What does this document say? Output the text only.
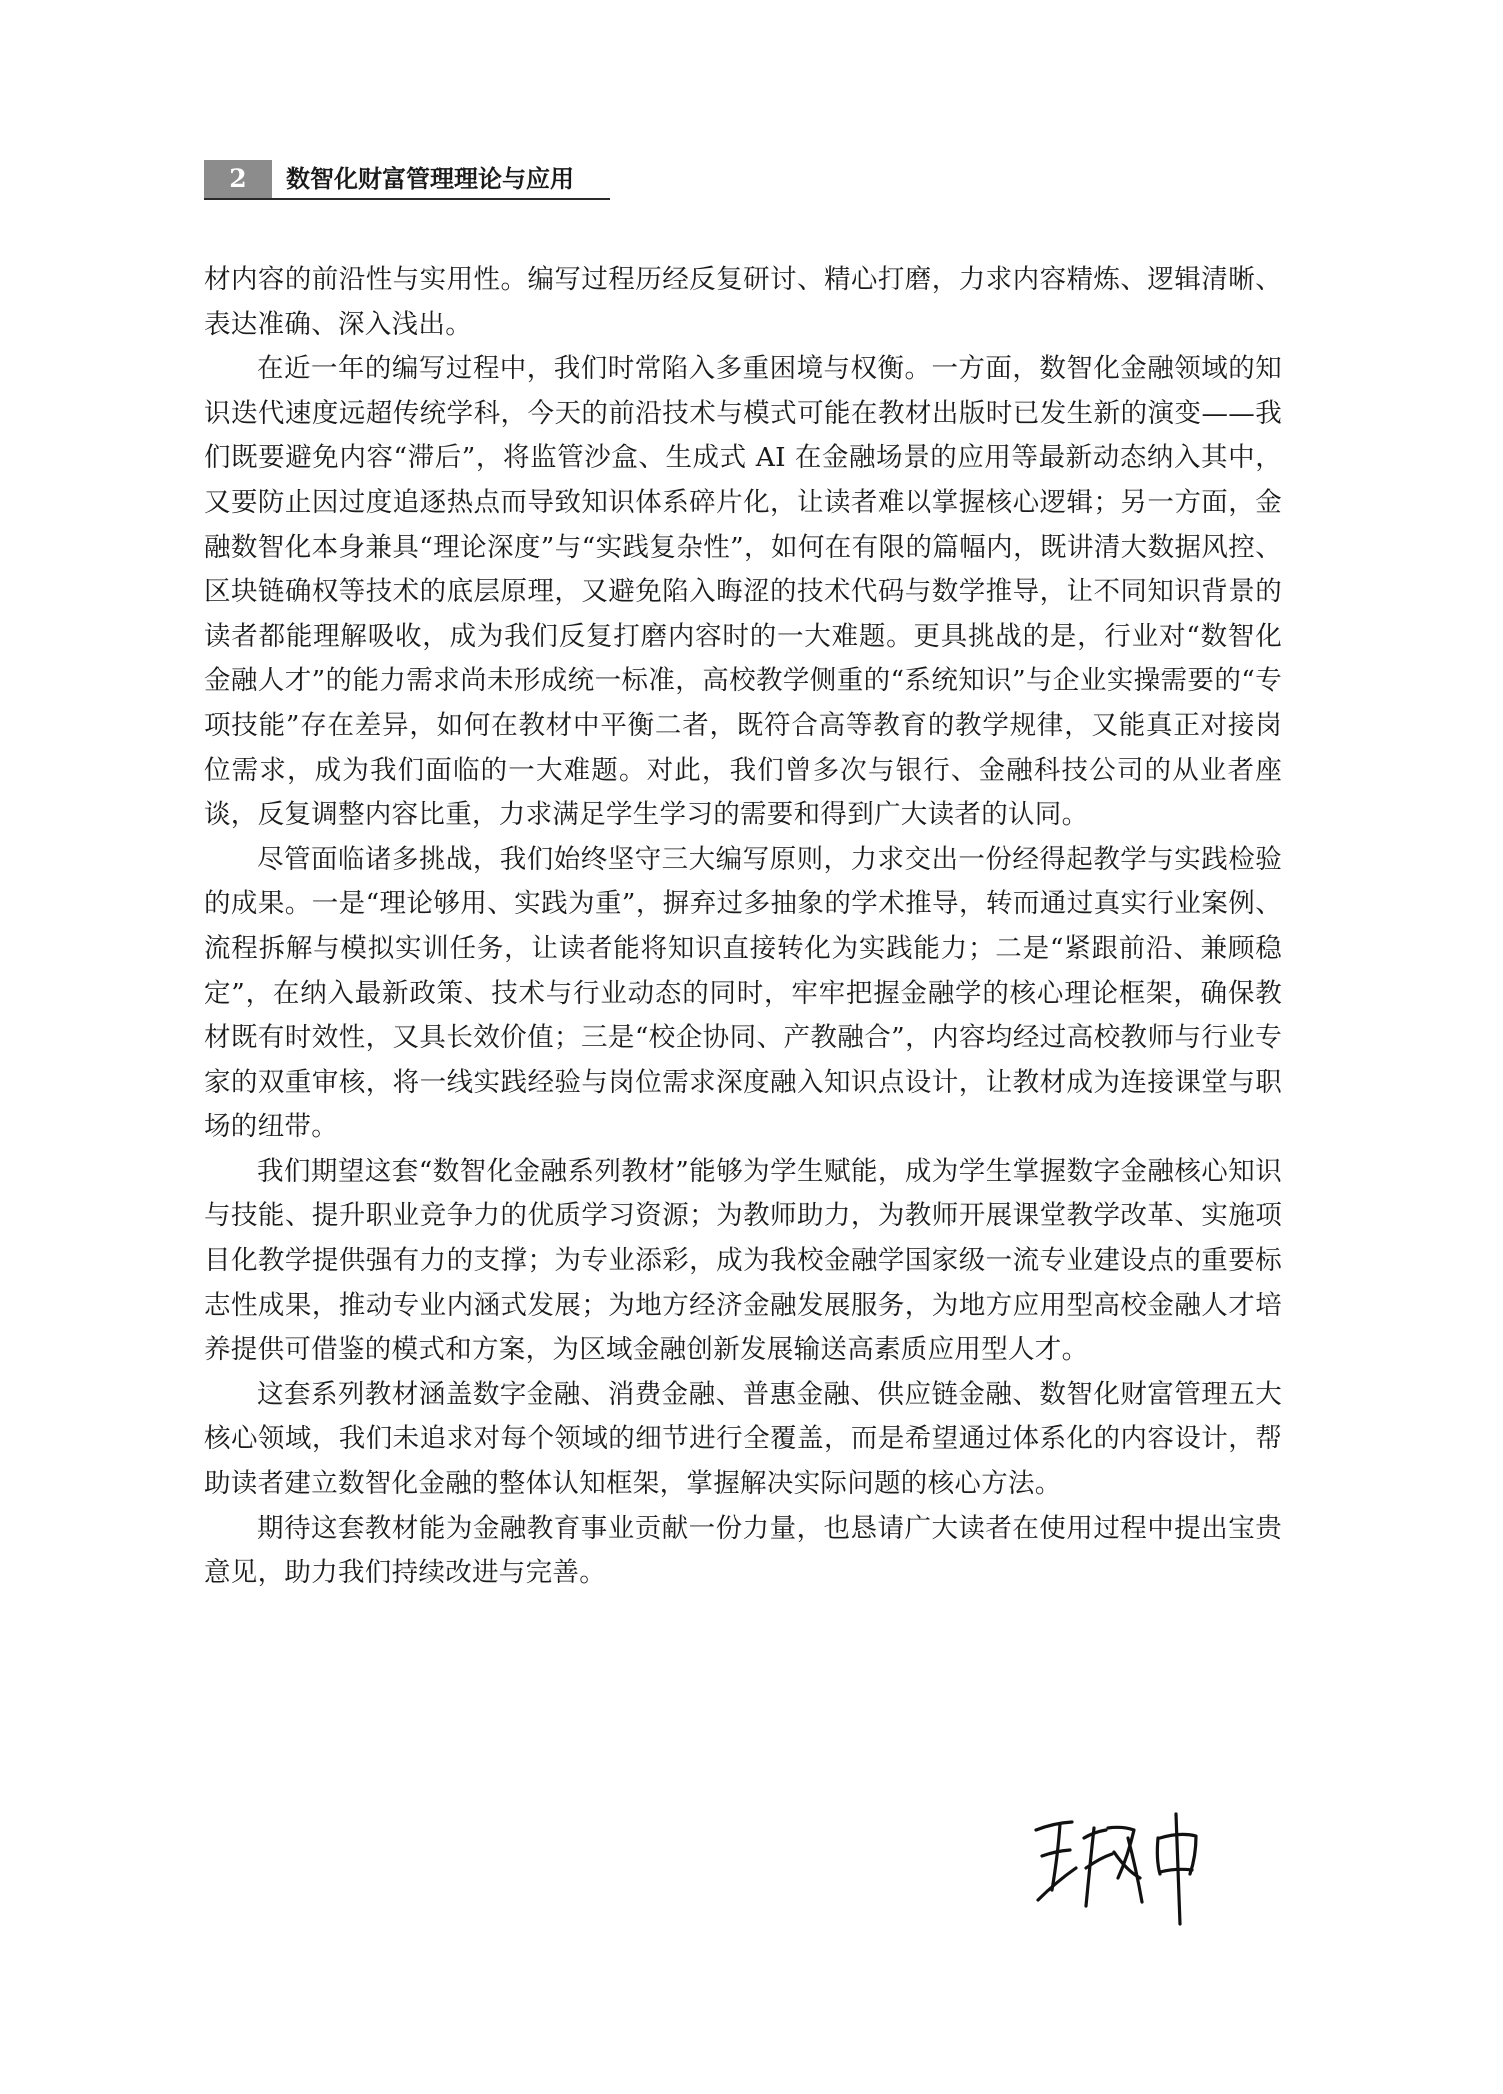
2	数智化财富管理理论与应用

材内容的前沿性与实用性。编写过程历经反复研讨、精心打磨，力求内容精炼、逻辑清晰、表达准确、深入浅出。

在近一年的编写过程中，我们时常陷入多重困境与权衡。一方面，数智化金融领域的知识迭代速度远超传统学科，今天的前沿技术与模式可能在教材出版时已发生新的演变——我们既要避免内容“滞后”，将监管沙盒、生成式 AI 在金融场景的应用等最新动态纳入其中，又要防止因过度追逐热点而导致知识体系碎片化，让读者难以掌握核心逻辑；另一方面，金融数智化本身兼具“理论深度”与“实践复杂性”，如何在有限的篇幅内，既讲清大数据风控、区块链确权等技术的底层原理，又避免陷入晦涩的技术代码与数学推导，让不同知识背景的读者都能理解吸收，成为我们反复打磨内容时的一大难题。更具挑战的是，行业对“数智化金融人才”的能力需求尚未形成统一标准，高校教学侧重的“系统知识”与企业实操需要的“专项技能”存在差异，如何在教材中平衡二者，既符合高等教育的教学规律，又能真正对接岗位需求，成为我们面临的一大难题。对此，我们曾多次与银行、金融科技公司的从业者座谈，反复调整内容比重，力求满足学生学习的需要和得到广大读者的认同。

尽管面临诸多挑战，我们始终坚守三大编写原则，力求交出一份经得起教学与实践检验的成果。一是“理论够用、实践为重”，摒弃过多抽象的学术推导，转而通过真实行业案例、流程拆解与模拟实训任务，让读者能将知识直接转化为实践能力；二是“紧跟前沿、兼顾稳定”，在纳入最新政策、技术与行业动态的同时，牢牢把握金融学的核心理论框架，确保教材既有时效性，又具长效价值；三是“校企协同、产教融合”，内容均经过高校教师与行业专家的双重审核，将一线实践经验与岗位需求深度融入知识点设计，让教材成为连接课堂与职场的纽带。

我们期望这套“数智化金融系列教材”能够为学生赋能，成为学生掌握数字金融核心知识与技能、提升职业竞争力的优质学习资源；为教师助力，为教师开展课堂教学改革、实施项目化教学提供强有力的支撑；为专业添彩，成为我校金融学国家级一流专业建设点的重要标志性成果，推动专业内涵式发展；为地方经济金融发展服务，为地方应用型高校金融人才培养提供可借鉴的模式和方案，为区域金融创新发展输送高素质应用型人才。

这套系列教材涵盖数字金融、消费金融、普惠金融、供应链金融、数智化财富管理五大核心领域，我们未追求对每个领域的细节进行全覆盖，而是希望通过体系化的内容设计，帮助读者建立数智化金融的整体认知框架，掌握解决实际问题的核心方法。

期待这套教材能为金融教育事业贡献一份力量，也恳请广大读者在使用过程中提出宝贵意见，助力我们持续改进与完善。
